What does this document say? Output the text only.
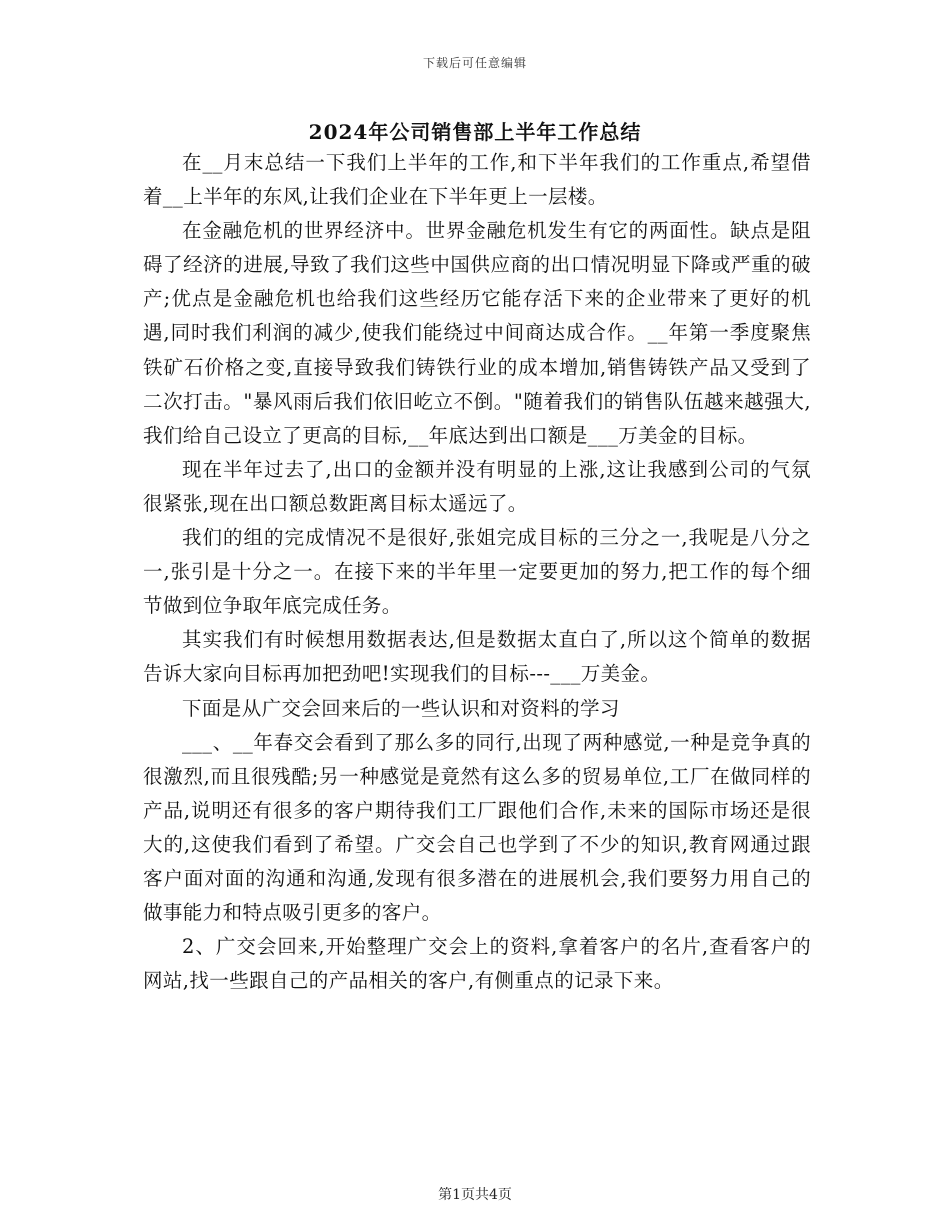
下载后可任意编辑
2024年公司销售部上半年工作总结

在__月末总结一下我们上半年的工作,和下半年我们的工作重点,希望借着__上半年的东风,让我们企业在下半年更上一层楼。

在金融危机的世界经济中。世界金融危机发生有它的两面性。缺点是阻碍了经济的进展,导致了我们这些中国供应商的出口情况明显下降或严重的破产;优点是金融危机也给我们这些经历它能存活下来的企业带来了更好的机遇,同时我们利润的减少,使我们能绕过中间商达成合作。__年第一季度聚焦铁矿石价格之变,直接导致我们铸铁行业的成本增加,销售铸铁产品又受到了二次打击。"暴风雨后我们依旧屹立不倒。"随着我们的销售队伍越来越强大,我们给自己设立了更高的目标,__年底达到出口额是___万美金的目标。

现在半年过去了,出口的金额并没有明显的上涨,这让我感到公司的气氛很紧张,现在出口额总数距离目标太遥远了。

我们的组的完成情况不是很好,张姐完成目标的三分之一,我呢是八分之一,张引是十分之一。在接下来的半年里一定要更加的努力,把工作的每个细节做到位争取年底完成任务。

其实我们有时候想用数据表达,但是数据太直白了,所以这个简单的数据告诉大家向目标再加把劲吧!实现我们的目标---___万美金。

下面是从广交会回来后的一些认识和对资料的学习

___、__年春交会看到了那么多的同行,出现了两种感觉,一种是竞争真的很激烈,而且很残酷;另一种感觉是竟然有这么多的贸易单位,工厂在做同样的产品,说明还有很多的客户期待我们工厂跟他们合作,未来的国际市场还是很大的,这使我们看到了希望。广交会自己也学到了不少的知识,教育网通过跟客户面对面的沟通和沟通,发现有很多潜在的进展机会,我们要努力用自己的做事能力和特点吸引更多的客户。

2、广交会回来,开始整理广交会上的资料,拿着客户的名片,查看客户的网站,找一些跟自己的产品相关的客户,有侧重点的记录下来。

第1页共4页
